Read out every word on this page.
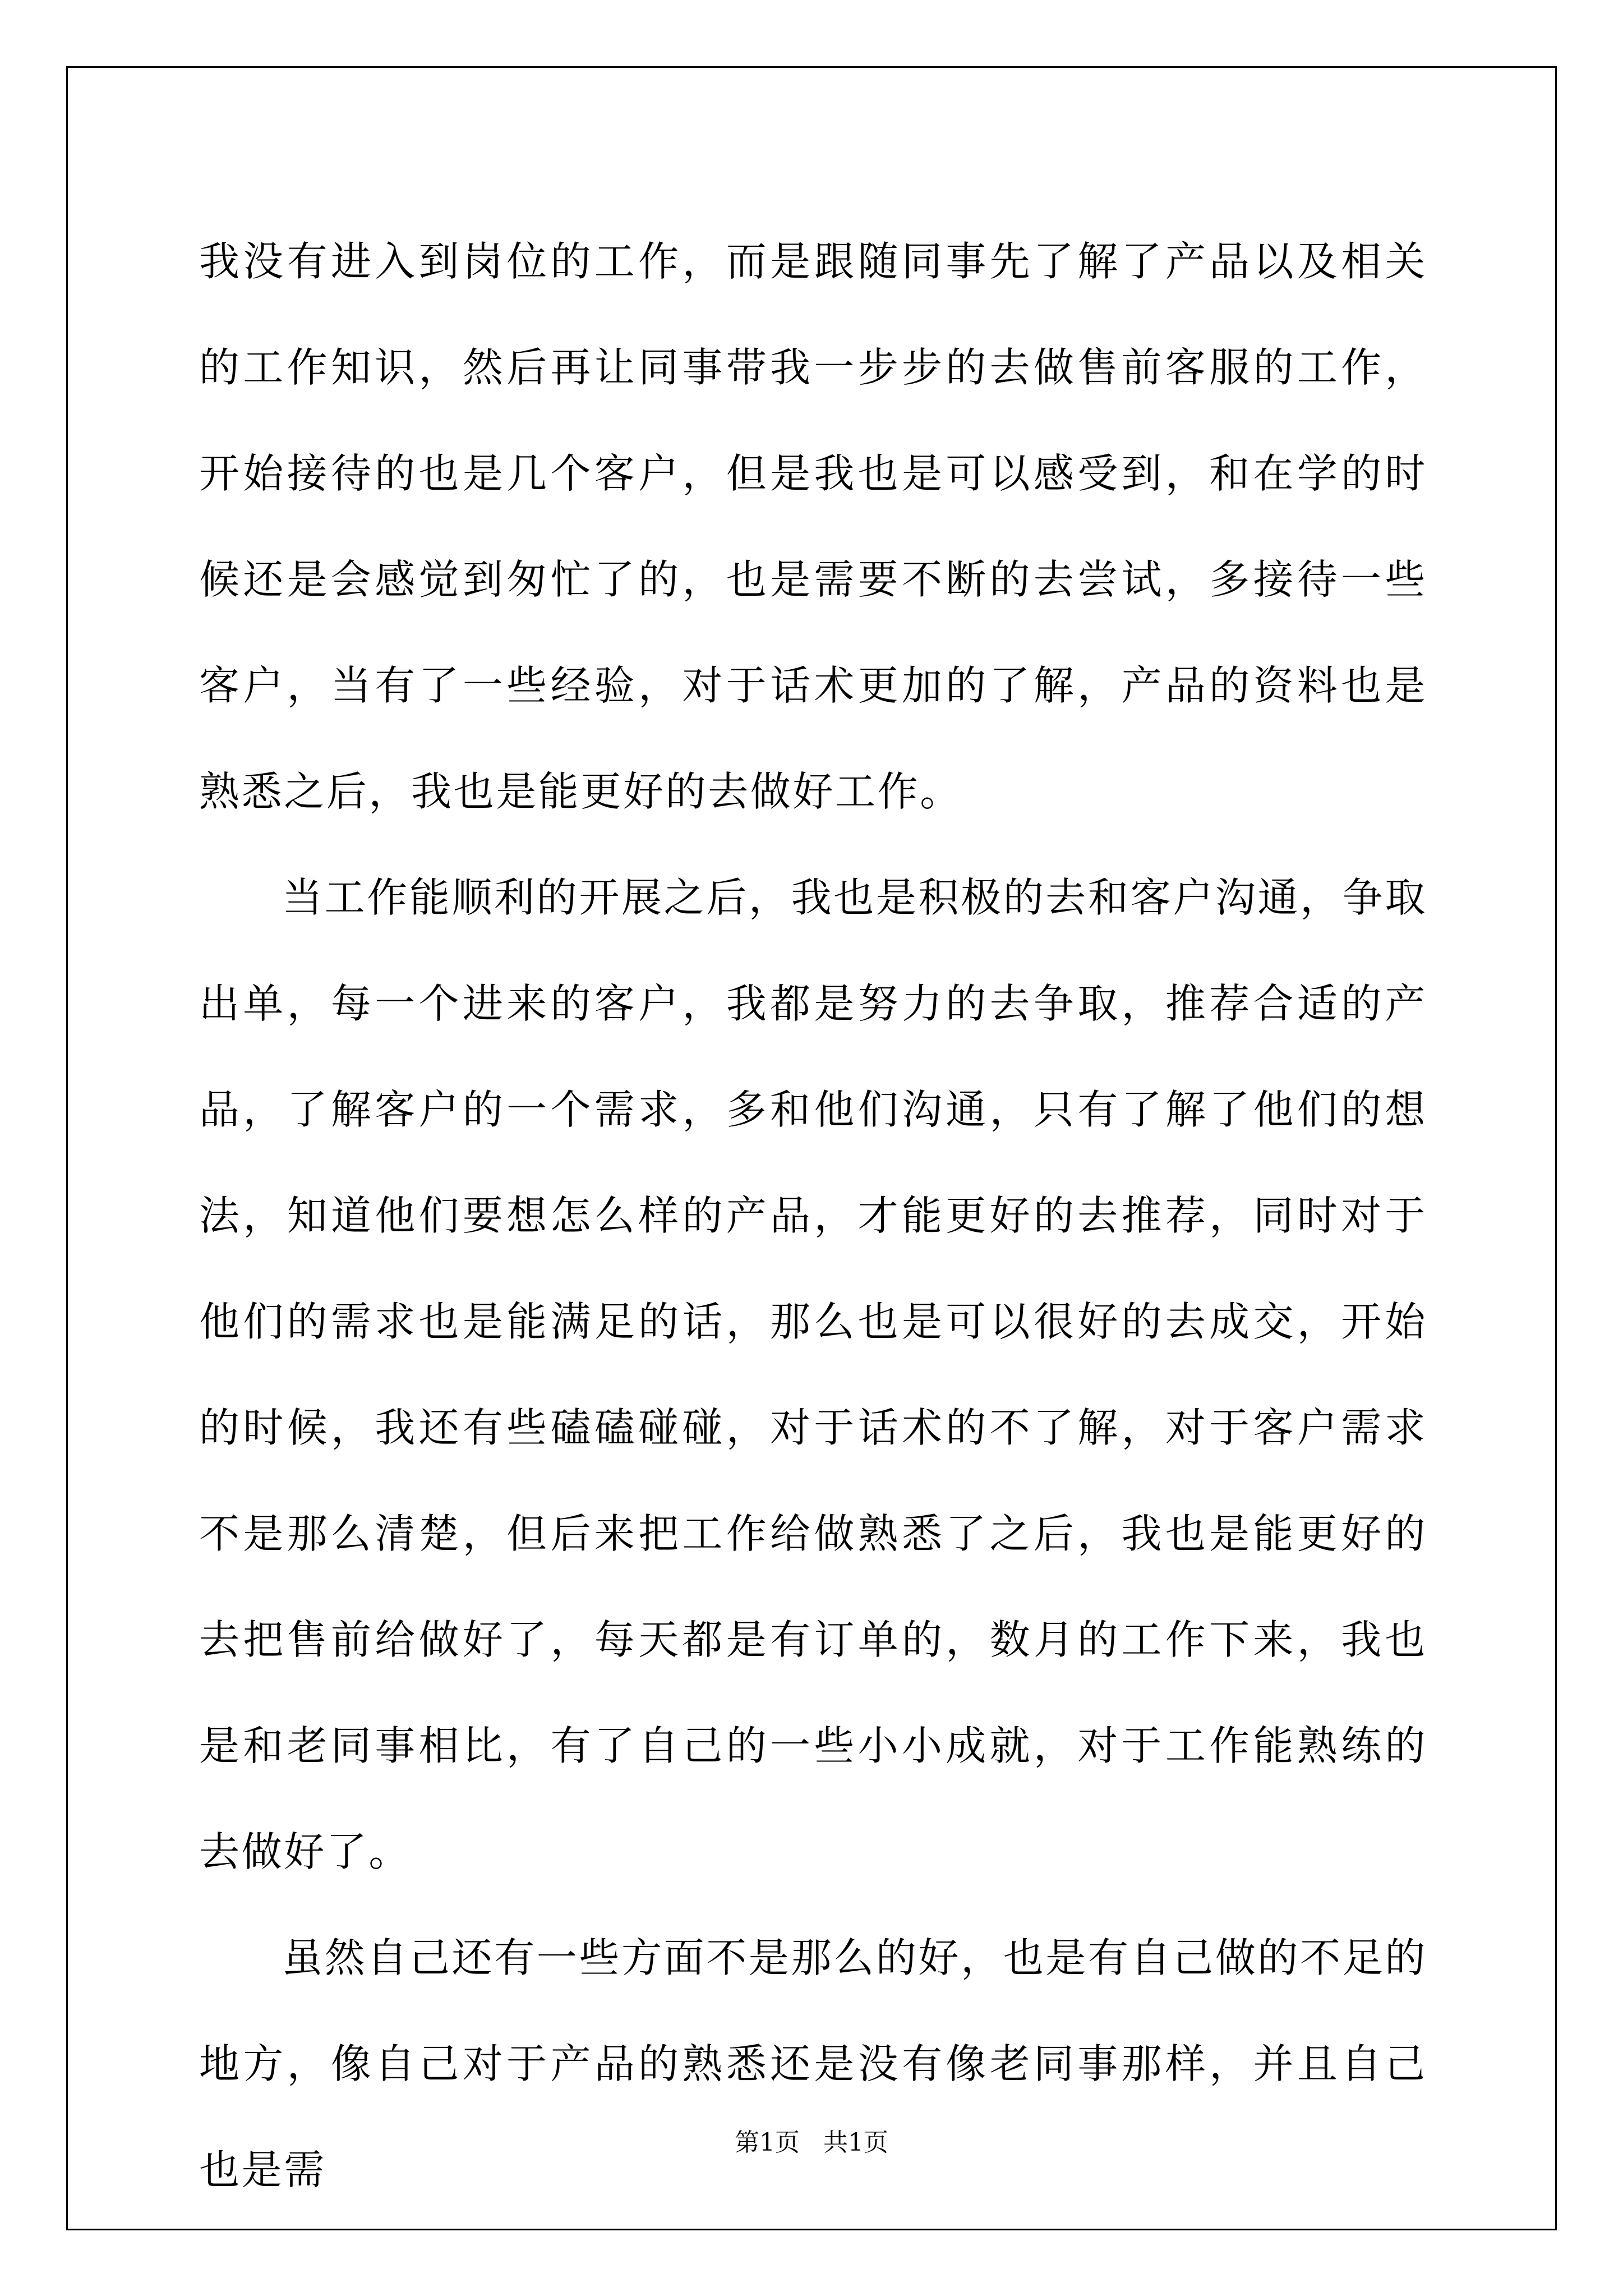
我没有进入到岗位的工作，而是跟随同事先了解了产品以及相关的工作知识，然后再让同事带我一步步的去做售前客服的工作，开始接待的也是几个客户，但是我也是可以感受到，和在学的时候还是会感觉到匆忙了的，也是需要不断的去尝试，多接待一些客户，当有了一些经验，对于话术更加的了解，产品的资料也是熟悉之后，我也是能更好的去做好工作。

当工作能顺利的开展之后，我也是积极的去和客户沟通，争取出单，每一个进来的客户，我都是努力的去争取，推荐合适的产品，了解客户的一个需求，多和他们沟通，只有了解了他们的想法，知道他们要想怎么样的产品，才能更好的去推荐，同时对于他们的需求也是能满足的话，那么也是可以很好的去成交，开始的时候，我还有些磕磕碰碰，对于话术的不了解，对于客户需求不是那么清楚，但后来把工作给做熟悉了之后，我也是能更好的去把售前给做好了，每天都是有订单的，数月的工作下来，我也是和老同事相比，有了自己的一些小小成就，对于工作能熟练的去做好了。

虽然自己还有一些方面不是那么的好，也是有自己做的不足的地方，像自己对于产品的熟悉还是没有像老同事那样，并且自己也是需

第1页 共1页
